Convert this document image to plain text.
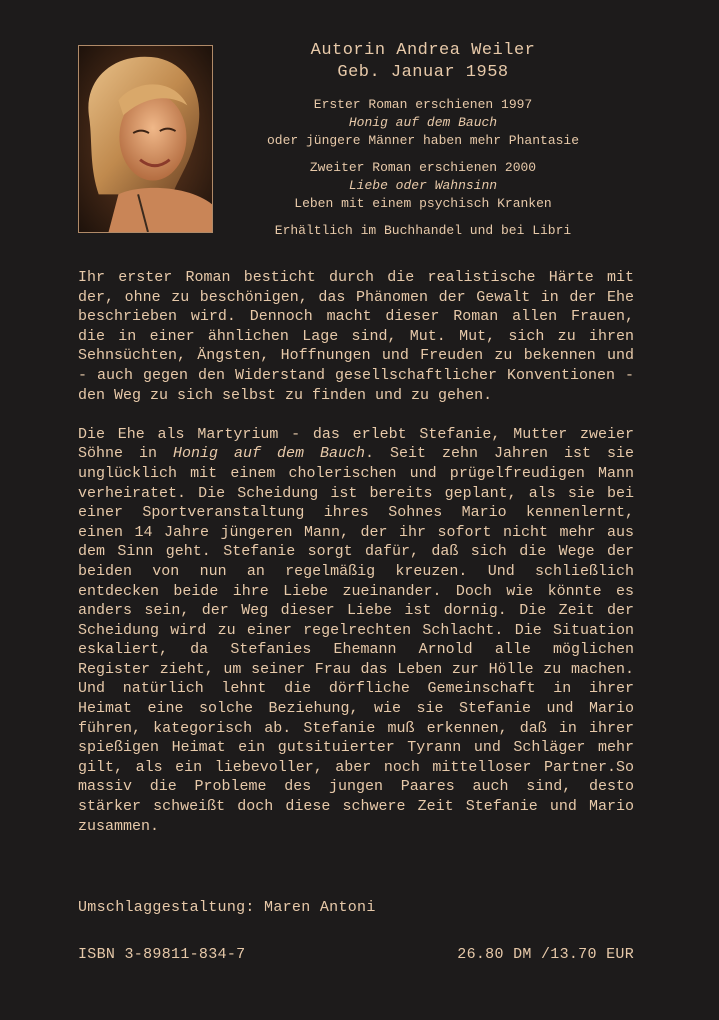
Autorin Andrea Weiler
Geb. Januar 1958
Erster Roman erschienen 1997
Honig auf dem Bauch
oder jüngere Männer haben mehr Phantasie
Zweiter Roman erschienen 2000
Liebe oder Wahnsinn
Leben mit einem psychisch Kranken
Erhältlich im Buchhandel und bei Libri

Ihr erster Roman besticht durch die realistische Härte mit der, ohne zu beschönigen, das Phänomen der Gewalt in der Ehe beschrieben wird. Dennoch macht dieser Roman allen Frauen, die in einer ähnlichen Lage sind, Mut. Mut, sich zu ihren Sehnsüchten, Ängsten, Hoffnungen und Freuden zu bekennen und - auch gegen den Widerstand gesellschaftlicher Konventionen - den Weg zu sich selbst zu finden und zu gehen.

Die Ehe als Martyrium - das erlebt Stefanie, Mutter zweier Söhne in Honig auf dem Bauch. Seit zehn Jahren ist sie unglücklich mit einem cholerischen und prügelfreudigen Mann verheiratet. Die Scheidung ist bereits geplant, als sie bei einer Sportveranstaltung ihres Sohnes Mario kennenlernt, einen 14 Jahre jüngeren Mann, der ihr sofort nicht mehr aus dem Sinn geht. Stefanie sorgt dafür, daß sich die Wege der beiden von nun an regelmäßig kreuzen. Und schließlich entdecken beide ihre Liebe zueinander. Doch wie könnte es anders sein, der Weg dieser Liebe ist dornig. Die Zeit der Scheidung wird zu einer regelrechten Schlacht. Die Situation eskaliert, da Stefanies Ehemann Arnold alle möglichen Register zieht, um seiner Frau das Leben zur Hölle zu machen. Und natürlich lehnt die dörfliche Gemeinschaft in ihrer Heimat eine solche Beziehung, wie sie Stefanie und Mario führen, kategorisch ab. Stefanie muß erkennen, daß in ihrer spießigen Heimat ein gutsituierter Tyrann und Schläger mehr gilt, als ein liebevoller, aber noch mittelloser Partner.So massiv die Probleme des jungen Paares auch sind, desto stärker schweißt doch diese schwere Zeit Stefanie und Mario zusammen.

Umschlaggestaltung: Maren Antoni
ISBN 3-89811-834-7	26.80 DM /13.70 EUR
